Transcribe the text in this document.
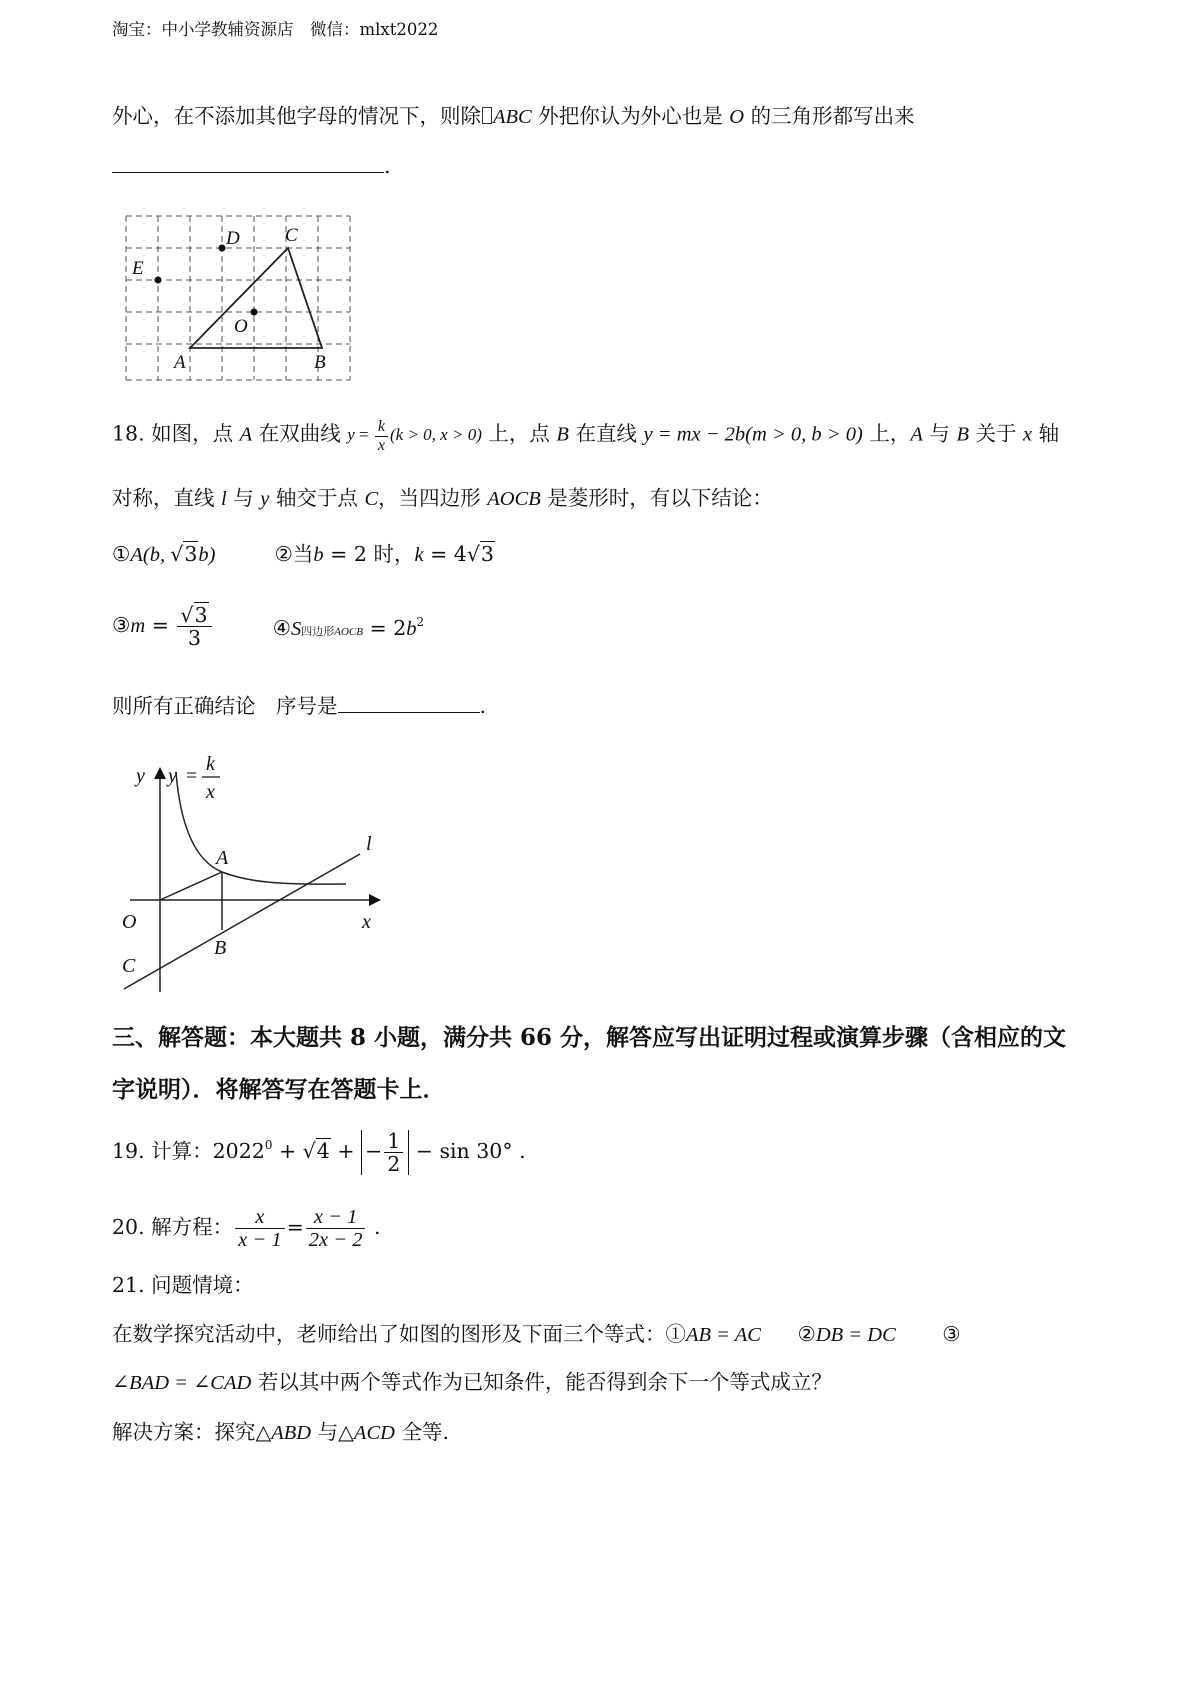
淘宝：中小学教辅资源店　微信：mlxt2022
外心，在不添加其他字母的情况下，则除 ABC 外把你认为外心也是 O 的三角形都写出来
.
D C
E
O
A	B
18. 如图，点 A 在双曲线 $y = \frac{k}{x} (k > 0$, x > 0) 上，点 B 在直线 y = mx − 2b(m > 0, b > 0) 上，A 与 B 关于 x 轴
对称，直线 l 与 y 轴交于点 C，当四边形 AOCB 是菱形时，有以下结论：
①A(b, √3b)	②当b = 2 时，k = 4√3
③m = $\frac{√3}{3}$	④S四边形AOCB = $2b^2$
则所有正确结论　序号是	.
y y =
k
x
A
l
O	x
B
C
三、解答题：本大题共 8 小题，满分共 66 分，解答应写出证明过程或演算步骤（含相应的文
字说明）．将解答写在答题卡上．
19. 计算：$2022^0 + √4$ + − $\frac{1}{2} - \sin 30^\circ$ .
20. 解方程： $\frac{x}{x - 1} = \frac{x - 1}{2x - 2}$ .
21. 问题情境：
在数学探究活动中，老师给出了如图的图形及下面三个等式：①AB = AC ②DB = DC ③
∠BAD = ∠CAD 若以其中两个等式作为已知条件，能否得到余下一个等式成立？
解决方案：探究△ABD 与△ACD 全等.
